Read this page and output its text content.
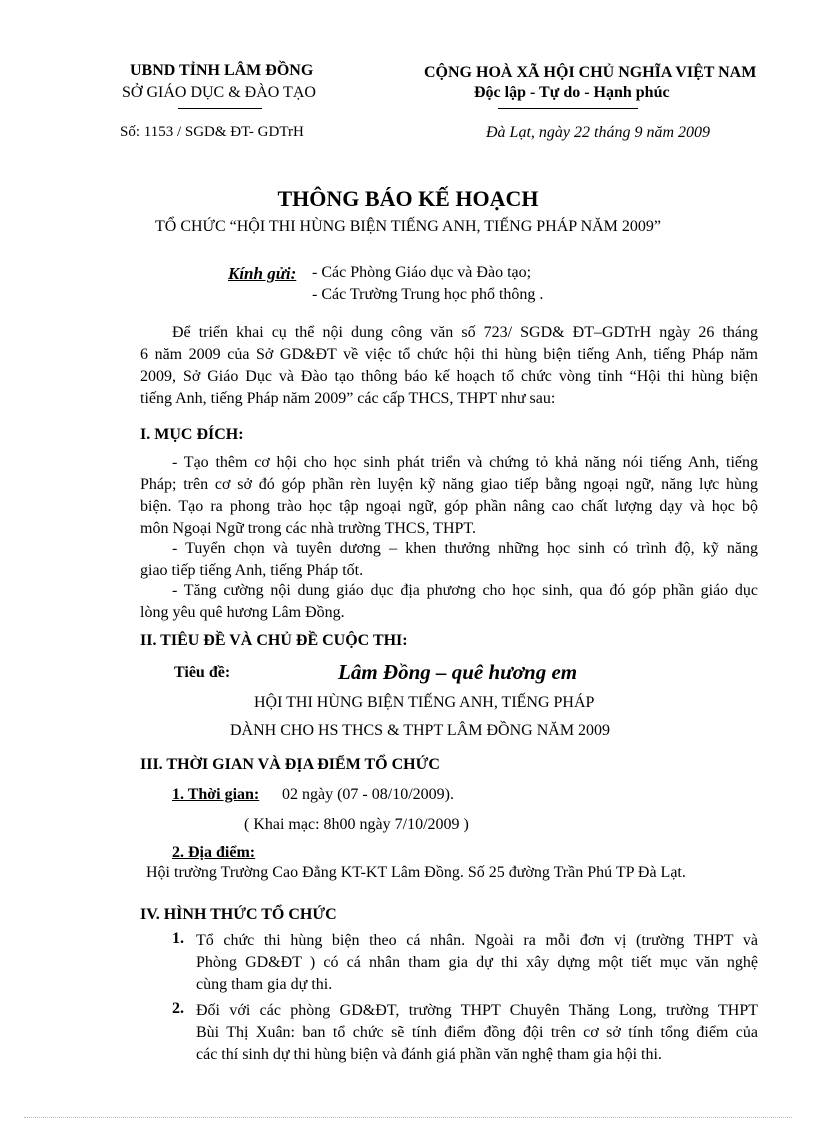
UBND TỈNH LÂM ĐỒNG
SỞ GIÁO DỤC & ĐÀO TẠO
Số: 1153 / SGD& ĐT- GDTrH
CỘNG HOÀ XÃ HỘI CHỦ NGHĨA VIỆT NAM
Độc lập - Tự do - Hạnh phúc
Đà Lạt, ngày 22 tháng 9 năm 2009
THÔNG BÁO KẾ HOẠCH
TỔ CHỨC “HỘI THI HÙNG BIỆN TIẾNG ANH, TIẾNG PHÁP NĂM 2009”
Kính gửi: - Các Phòng Giáo dục và Đào tạo;
- Các Trường Trung học phổ thông .
Để triển khai cụ thể nội dung công văn số 723/ SGD& ĐT–GDTrH ngày 26 tháng
6 năm 2009 của Sở GD&ĐT về việc tổ chức hội thi hùng biện tiếng Anh, tiếng Pháp năm
2009, Sở Giáo Dục và Đào tạo thông báo kế hoạch tổ chức vòng tỉnh “Hội thi hùng biện
tiếng Anh, tiếng Pháp năm 2009” các cấp THCS, THPT như sau:
I. MỤC ĐÍCH:
- Tạo thêm cơ hội cho học sinh phát triển và chứng tỏ khả năng nói tiếng Anh, tiếng
Pháp; trên cơ sở đó góp phần rèn luyện kỹ năng giao tiếp bằng ngoại ngữ, năng lực hùng
biện. Tạo ra phong trào học tập ngoại ngữ, góp phần nâng cao chất lượng dạy và học bộ
môn Ngoại Ngữ trong các nhà trường THCS, THPT.
- Tuyển chọn và tuyên dương – khen thưởng những học sinh có trình độ, kỹ năng
giao tiếp tiếng Anh, tiếng Pháp tốt.
- Tăng cường nội dung giáo dục địa phương cho học sinh, qua đó góp phần giáo dục
lòng yêu quê hương Lâm Đồng.
II. TIÊU ĐỀ VÀ CHỦ ĐỀ CUỘC THI:
Tiêu đề:	Lâm Đồng – quê hương em
HỘI THI HÙNG BIỆN TIẾNG ANH, TIẾNG PHÁP
DÀNH CHO HS THCS & THPT LÂM ĐỒNG NĂM 2009
III. THỜI GIAN VÀ ĐỊA ĐIỂM TỔ CHỨC
1. Thời gian: 02 ngày (07 - 08/10/2009).
( Khai mạc: 8h00 ngày 7/10/2009 )
2. Địa điểm:
Hội trường Trường Cao Đẳng KT-KT Lâm Đồng. Số 25 đường Trần Phú TP Đà Lạt.
IV. HÌNH THỨC TỔ CHỨC
1. Tổ chức thi hùng biện theo cá nhân. Ngoài ra mỗi đơn vị (trường THPT và
Phòng GD&ĐT ) có cá nhân tham gia dự thi xây dựng một tiết mục văn nghệ
cùng tham gia dự thi.
2. Đối với các phòng GD&ĐT, trường THPT Chuyên Thăng Long, trường THPT
Bùi Thị Xuân: ban tổ chức sẽ tính điểm đồng đội trên cơ sở tính tổng điểm của
các thí sinh dự thi hùng biện và đánh giá phần văn nghệ tham gia hội thi.
